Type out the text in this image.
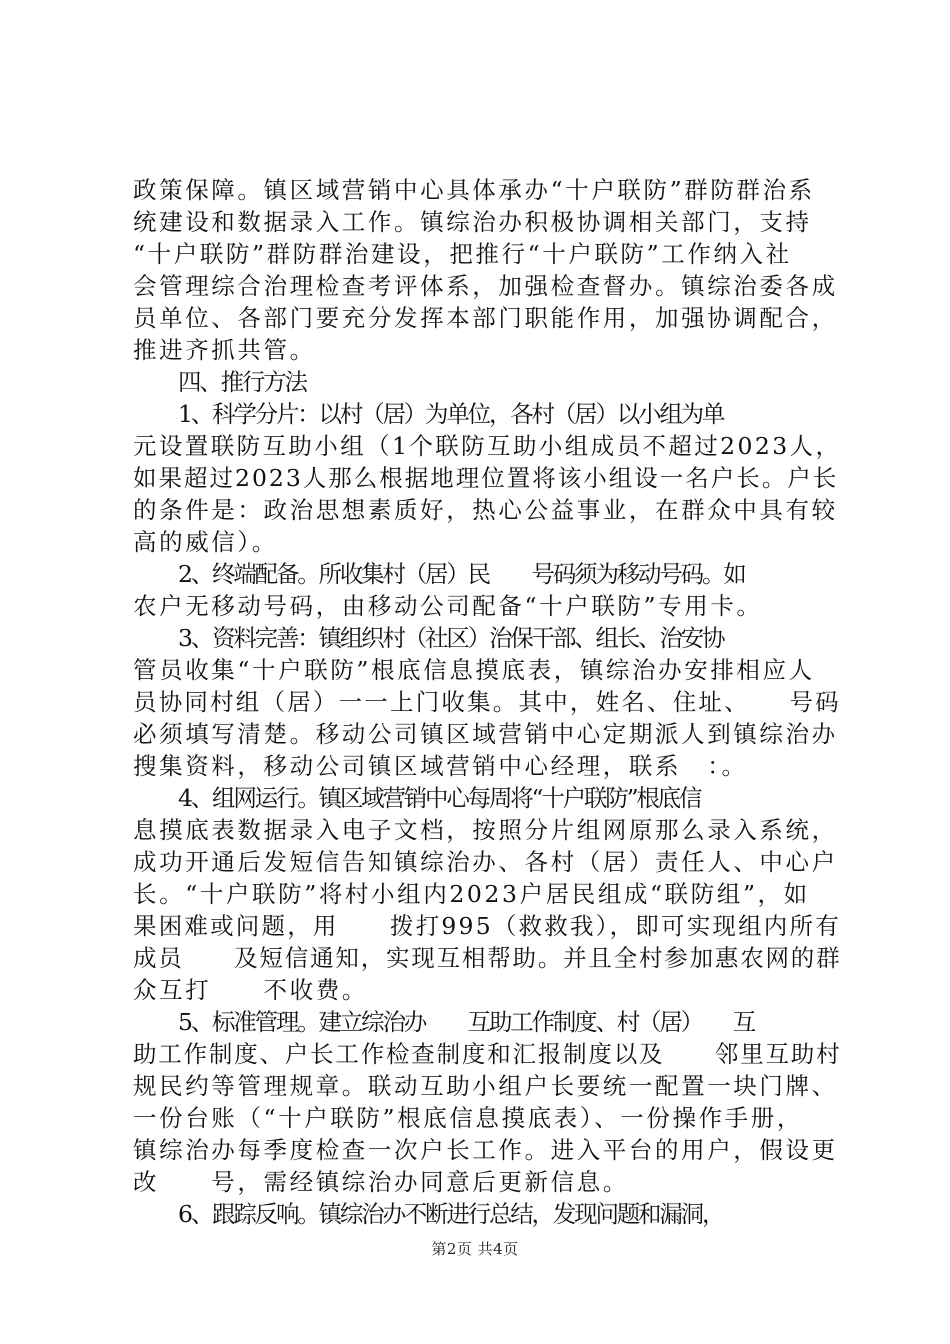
政策保障。镇区域营销中心具体承办“十户联防”群防群治系
统建设和数据录入工作。镇综治办积极协调相关部门，支持
“十户联防”群防群治建设，把推行“十户联防”工作纳入社
会管理综合治理检查考评体系，加强检查督办。镇综治委各成
员单位、各部门要充分发挥本部门职能作用，加强协调配合，
推进齐抓共管。
四、推行方法
1、科学分片：以村（居）为单位，各村（居）以小组为单
元设置联防互助小组（1个联防互助小组成员不超过2023人，
如果超过2023人那么根据地理位置将该小组设一名户长。户长
的条件是：政治思想素质好，热心公益事业，在群众中具有较
高的威信）。
2、终端配备。所收集村（居）民　　号码须为移动号码。如
农户无移动号码，由移动公司配备“十户联防”专用卡。
3、资料完善：镇组织村（社区）治保干部、组长、治安协
管员收集“十户联防”根底信息摸底表，镇综治办安排相应人
员协同村组（居）一一上门收集。其中，姓名、住址、　　号码
必须填写清楚。移动公司镇区域营销中心定期派人到镇综治办
搜集资料，移动公司镇区域营销中心经理，联系　：。
4、组网运行。镇区域营销中心每周将“十户联防”根底信
息摸底表数据录入电子文档，按照分片组网原那么录入系统，
成功开通后发短信告知镇综治办、各村（居）责任人、中心户
长。“十户联防”将村小组内2023户居民组成“联防组”，如
果困难或问题，用　　拨打995（救救我），即可实现组内所有
成员　　及短信通知，实现互相帮助。并且全村参加惠农网的群
众互打　　不收费。
5、标准管理。建立综治办　　互助工作制度、村（居）　　互
助工作制度、户长工作检查制度和汇报制度以及　　邻里互助村
规民约等管理规章。联动互助小组户长要统一配置一块门牌、
一份台账（“十户联防”根底信息摸底表）、一份操作手册，
镇综治办每季度检查一次户长工作。进入平台的用户，假设更
改　　号，需经镇综治办同意后更新信息。
6、跟踪反响。镇综治办不断进行总结，发现问题和漏洞，
第2页 共4页
